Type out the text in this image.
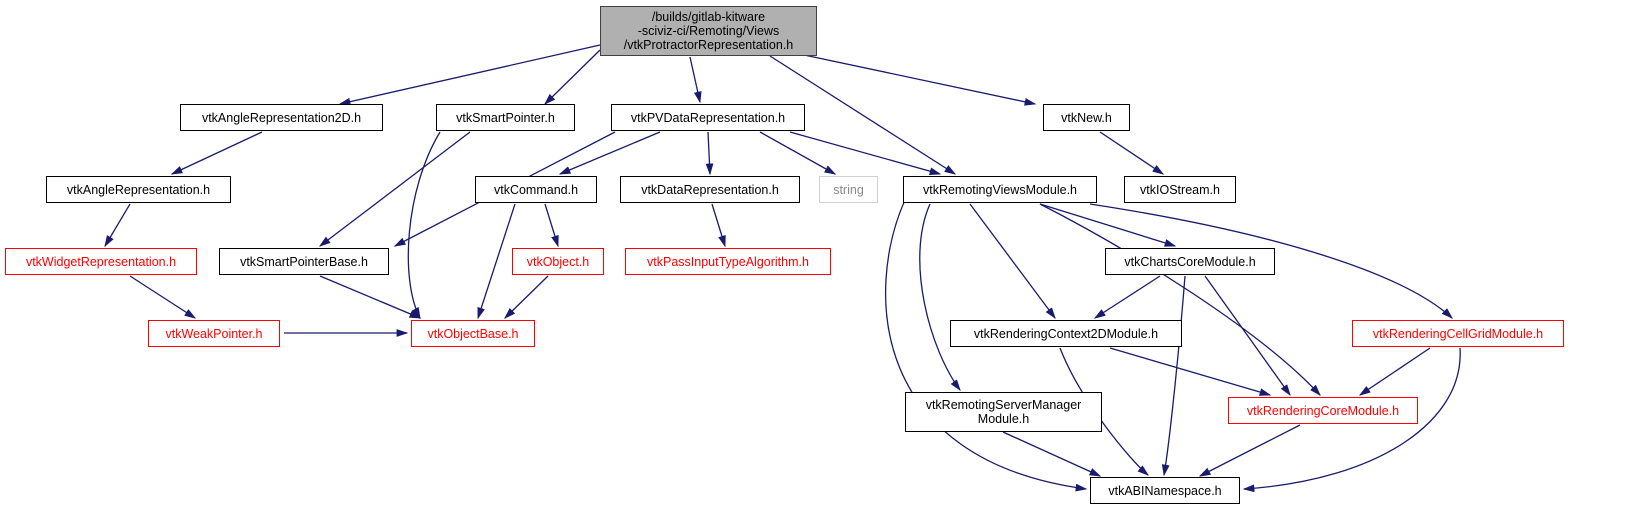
/builds/gitlab-kitware
-sciviz-ci/Remoting/Views
/vtkProtractorRepresentation.h
vtkAngleRepresentation2D.h	vtkSmartPointer.h	vtkPVDataRepresentation.h	vtkNew.h
vtkAngleRepresentation.h	vtkCommand.h	vtkDataRepresentation.h	string	vtkRemotingViewsModule.h	vtkIOStream.h
vtkWidgetRepresentation.h	vtkSmartPointerBase.h	vtkObject.h	vtkPassInputTypeAlgorithm.h	vtkChartsCoreModule.h
vtkWeakPointer.h	vtkObjectBase.h	vtkRenderingContext2DModule.h	vtkRenderingCellGridModule.h
vtkRemotingServerManager
Module.h
vtkRenderingCoreModule.h
vtkABINamespace.h
